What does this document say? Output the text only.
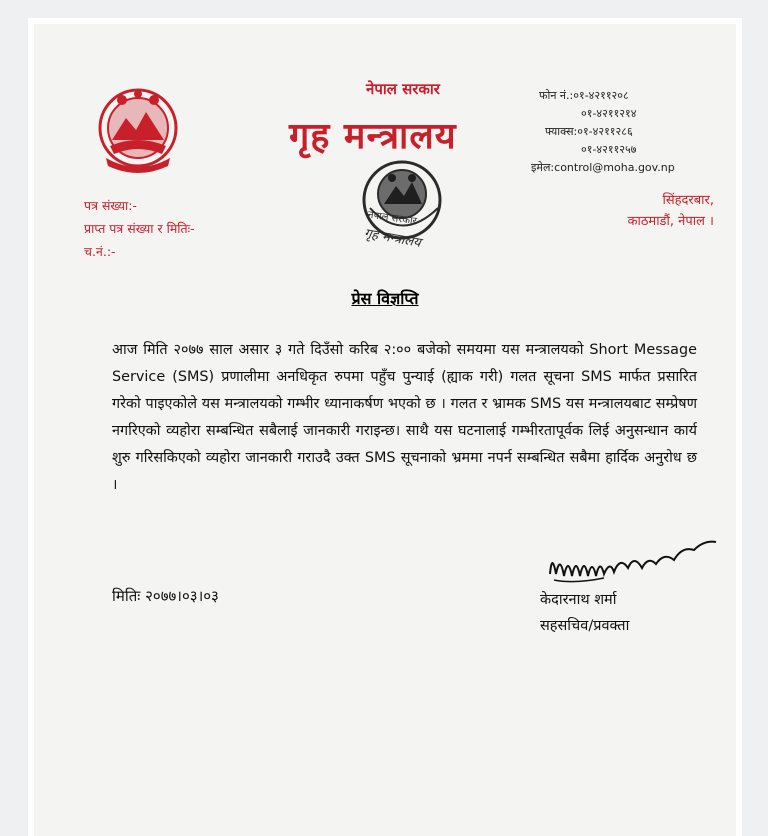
नेपाल सरकार
गृह मन्त्रालय
फोन नं.:०१-४२११२०८
०१-४२११२१४
फ्याक्स:०१-४२११२८६
०१-४२११२५७
इमेल:control@moha.gov.np
नेपाल सरकार
गृह मन्त्रालय
पत्र संख्या:-
प्राप्त पत्र संख्या र मितिः-
च.नं.:-
सिंहदरबार,
काठमाडौं, नेपाल ।
प्रेस विज्ञप्ति
आज मिति २०७७ साल असार ३ गते दिउँसो करिब २:०० बजेको समयमा यस मन्त्रालयको Short Message Service (SMS) प्रणालीमा अनधिकृत रुपमा पहुँच पुन्याई (ह्याक गरी) गलत सूचना SMS मार्फत प्रसारित गरेको पाइएकोले यस मन्त्रालयको गम्भीर ध्यानाकर्षण भएको छ । गलत र भ्रामक SMS यस मन्त्रालयबाट सम्प्रेषण नगरिएको व्यहोरा सम्बन्धित सबैलाई जानकारी गराइन्छ। साथै यस घटनालाई गम्भीरतापूर्वक लिई अनुसन्धान कार्य शुरु गरिसकिएको व्यहोरा जानकारी गराउदै उक्त SMS सूचनाको भ्रममा नपर्न सम्बन्धित सबैमा हार्दिक अनुरोध छ ।
मितिः २०७७।०३।०३	केदारनाथ शर्मा
सहसचिव/प्रवक्ता
